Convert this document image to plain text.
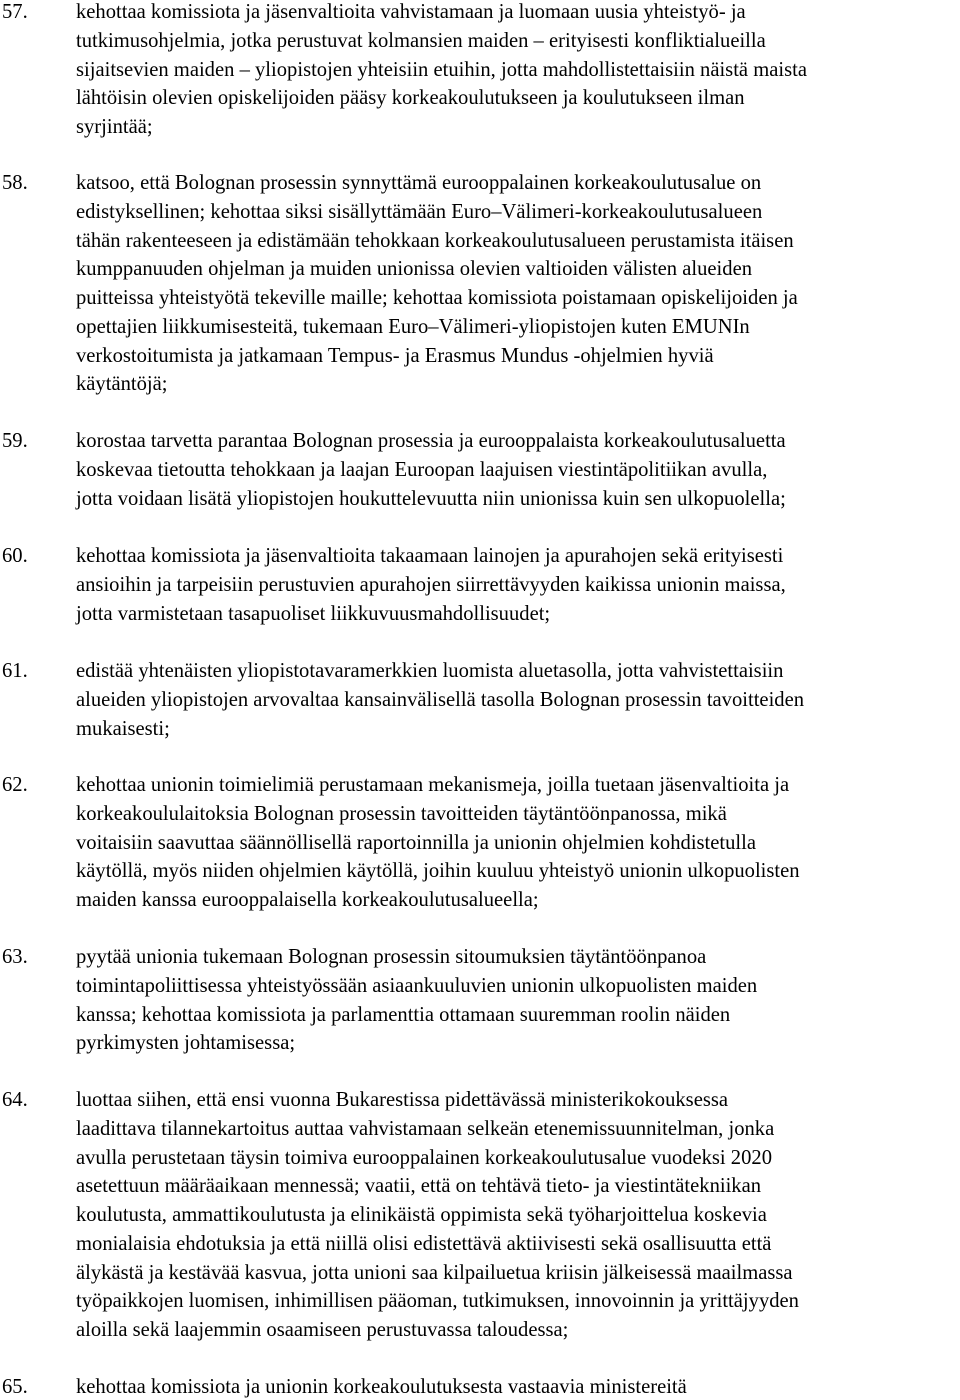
57. kehottaa komissiota ja jäsenvaltioita vahvistamaan ja luomaan uusia yhteistyö- ja
tutkimusohjelmia, jotka perustuvat kolmansien maiden – erityisesti konfliktialueilla
sijaitsevien maiden – yliopistojen yhteisiin etuihin, jotta mahdollistettaisiin näistä maista
lähtöisin olevien opiskelijoiden pääsy korkeakoulutukseen ja koulutukseen ilman
syrjintää;
58. katsoo, että Bolognan prosessin synnyttämä eurooppalainen korkeakoulutusalue on
edistyksellinen; kehottaa siksi sisällyttämään Euro–Välimeri-korkeakoulutusalueen
tähän rakenteeseen ja edistämään tehokkaan korkeakoulutusalueen perustamista itäisen
kumppanuuden ohjelman ja muiden unionissa olevien valtioiden välisten alueiden
puitteissa yhteistyötä tekeville maille; kehottaa komissiota poistamaan opiskelijoiden ja
opettajien liikkumisesteitä, tukemaan Euro–Välimeri-yliopistojen kuten EMUNIn
verkostoitumista ja jatkamaan Tempus- ja Erasmus Mundus -ohjelmien hyviä
käytäntöjä;
59. korostaa tarvetta parantaa Bolognan prosessia ja eurooppalaista korkeakoulutusaluetta
koskevaa tietoutta tehokkaan ja laajan Euroopan laajuisen viestintäpolitiikan avulla,
jotta voidaan lisätä yliopistojen houkuttelevuutta niin unionissa kuin sen ulkopuolella;
60. kehottaa komissiota ja jäsenvaltioita takaamaan lainojen ja apurahojen sekä erityisesti
ansioihin ja tarpeisiin perustuvien apurahojen siirrettävyyden kaikissa unionin maissa,
jotta varmistetaan tasapuoliset liikkuvuusmahdollisuudet;
61. edistää yhtenäisten yliopistotavaramerkkien luomista aluetasolla, jotta vahvistettaisiin
alueiden yliopistojen arvovaltaa kansainvälisellä tasolla Bolognan prosessin tavoitteiden
mukaisesti;
62. kehottaa unionin toimielimiä perustamaan mekanismeja, joilla tuetaan jäsenvaltioita ja
korkeakoululaitoksia Bolognan prosessin tavoitteiden täytäntöönpanossa, mikä
voitaisiin saavuttaa säännöllisellä raportoinnilla ja unionin ohjelmien kohdistetulla
käytöllä, myös niiden ohjelmien käytöllä, joihin kuuluu yhteistyö unionin ulkopuolisten
maiden kanssa eurooppalaisella korkeakoulutusalueella;
63. pyytää unionia tukemaan Bolognan prosessin sitoumuksien täytäntöönpanoa
toimintapoliittisessa yhteistyössään asiaankuuluvien unionin ulkopuolisten maiden
kanssa; kehottaa komissiota ja parlamenttia ottamaan suuremman roolin näiden
pyrkimysten johtamisessa;
64. luottaa siihen, että ensi vuonna Bukarestissa pidettävässä ministerikokouksessa
laadittava tilannekartoitus auttaa vahvistamaan selkeän etenemissuunnitelman, jonka
avulla perustetaan täysin toimiva eurooppalainen korkeakoulutusalue vuodeksi 2020
asetettuun määräaikaan mennessä; vaatii, että on tehtävä tieto- ja viestintätekniikan
koulutusta, ammattikoulutusta ja elinikäistä oppimista sekä työharjoittelua koskevia
monialaisia ehdotuksia ja että niillä olisi edistettävä aktiivisesti sekä osallisuutta että
älykästä ja kestävää kasvua, jotta unioni saa kilpailuetua kriisin jälkeisessä maailmassa
työpaikkojen luomisen, inhimillisen pääoman, tutkimuksen, innovoinnin ja yrittäjyyden
aloilla sekä laajemmin osaamiseen perustuvassa taloudessa;
65. kehottaa komissiota ja unionin korkeakoulutuksesta vastaavia ministereitä
